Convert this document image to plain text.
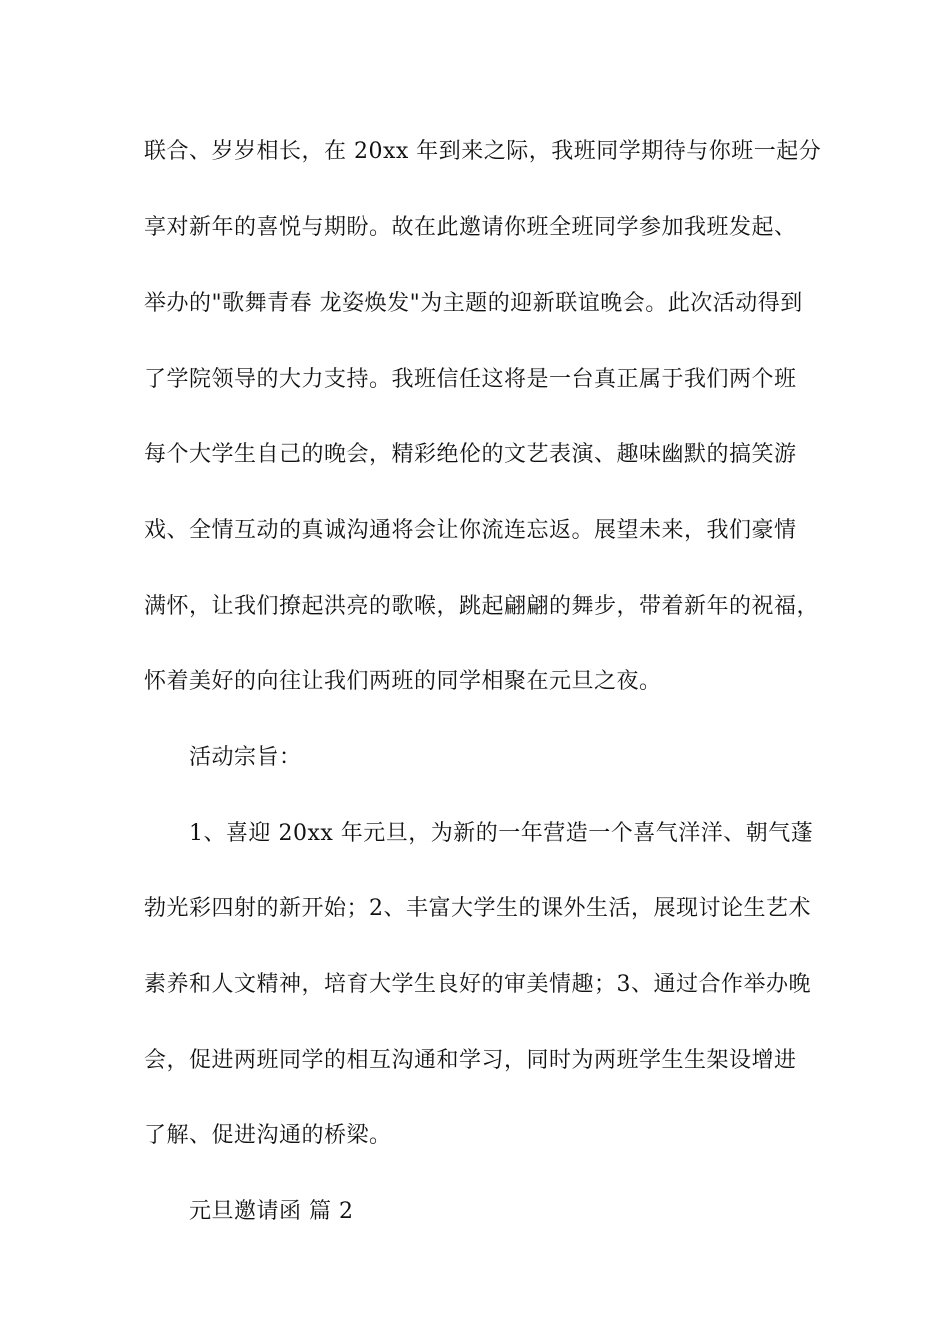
联合、岁岁相长，在 20xx 年到来之际，我班同学期待与你班一起分
享对新年的喜悦与期盼。故在此邀请你班全班同学参加我班发起、
举办的"歌舞青春 龙姿焕发"为主题的迎新联谊晚会。此次活动得到
了学院领导的大力支持。我班信任这将是一台真正属于我们两个班
每个大学生自己的晚会，精彩绝伦的文艺表演、趣味幽默的搞笑游
戏、全情互动的真诚沟通将会让你流连忘返。展望未来，我们豪情
满怀，让我们撩起洪亮的歌喉，跳起翩翩的舞步，带着新年的祝福，
怀着美好的向往让我们两班的同学相聚在元旦之夜。
活动宗旨：
1、喜迎 20xx 年元旦，为新的一年营造一个喜气洋洋、朝气蓬
勃光彩四射的新开始；2、丰富大学生的课外生活，展现讨论生艺术
素养和人文精神，培育大学生良好的审美情趣；3、通过合作举办晚
会，促进两班同学的相互沟通和学习，同时为两班学生生架设增进
了解、促进沟通的桥梁。
元旦邀请函 篇 2
